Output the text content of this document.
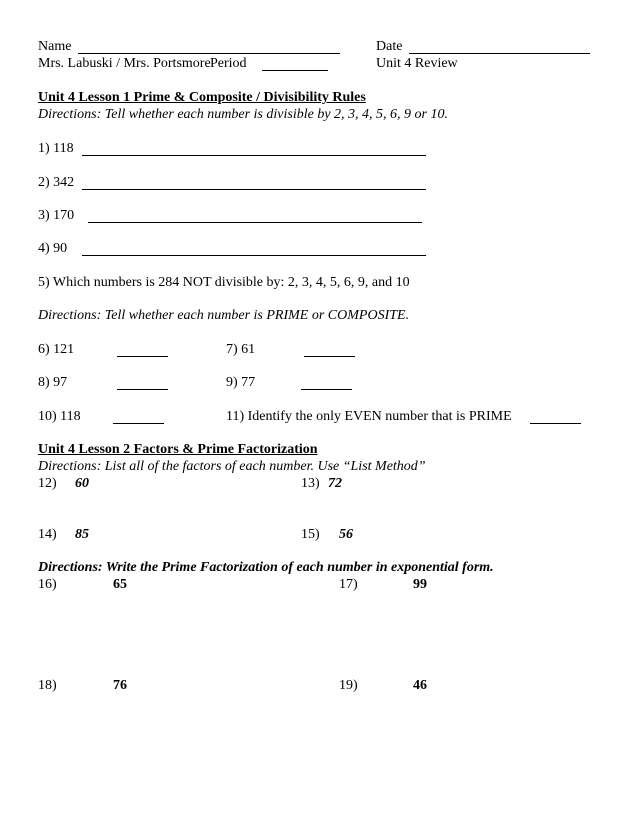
Name	Date
Mrs. Labuski / Mrs. Portsmore Period	Unit 4 Review
Unit 4 Lesson 1 Prime & Composite / Divisibility Rules
Directions: Tell whether each number is divisible by 2, 3, 4, 5, 6, 9 or 10.
1) 118
2) 342
3) 170
4) 90
5) Which numbers is 284 NOT divisible by: 2, 3, 4, 5, 6, 9, and 10
Directions: Tell whether each number is PRIME or COMPOSITE.
6) 121	7) 61
8) 97	9) 77
10) 118	11) Identify the only EVEN number that is PRIME
Unit 4 Lesson 2 Factors & Prime Factorization
Directions: List all of the factors of each number. Use “List Method”
12) 60	13) 72
14) 85	15) 56
Directions: Write the Prime Factorization of each number in exponential form.
16)	65	17)	99
18)	76	19)	46
